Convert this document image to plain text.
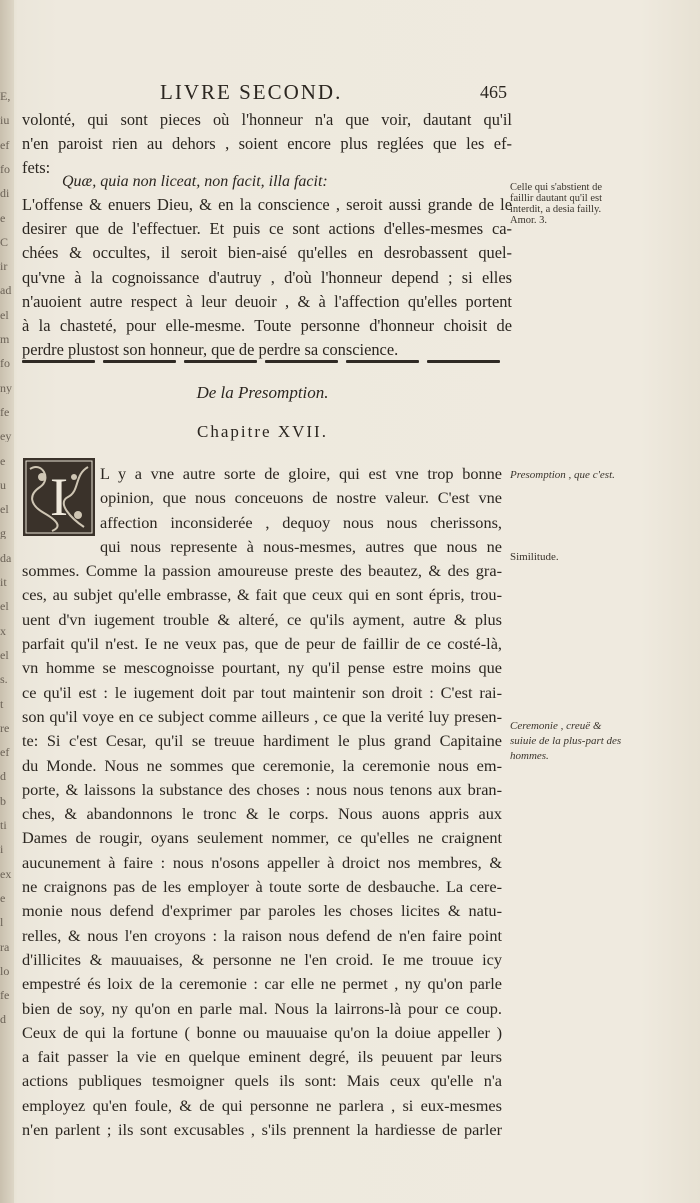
E,
iu
ef
fo
di
e
C
ir
ad
el
m
fo
ny
fe
ey
e
u
el
g
da
it
el
x
el
s.
t
re
ef
d
b
ti
i
ex
e
l
ra
lo
fe
d
LIVRE SECOND.	465
volonté, qui sont pieces où l'honneur n'a que voir, dautant qu'il
n'en paroist rien au dehors , soient encore plus reglées que les ef-
fets:
Quæ, quia non liceat, non facit, illa facit:
L'offense & enuers Dieu, & en la conscience , seroit aussi grande de le
desirer que de l'effectuer. Et puis ce sont actions d'elles-mesmes ca-
chées & occultes, il seroit bien-aisé qu'elles en desrobassent quel-
qu'vne à la cognoissance d'autruy , d'où l'honneur depend ; si elles
n'auoient autre respect à leur deuoir , & à l'affection qu'elles portent
à la chasteté, pour elle-mesme. Toute personne d'honneur choisit de
perdre plustost son honneur, que de perdre sa conscience.
Celle qui s'abstient de faillir dautant qu'il est interdit, a desia failly. Amor. 3.
De la Presomption.
Chapitre XVII.
I	L y a vne autre sorte de gloire, qui est vne trop bonne
opinion, que nous conceuons de nostre valeur. C'est vne
affection inconsiderée , dequoy nous nous cherissons,
qui nous represente à nous-mesmes, autres que nous ne
sommes. Comme la passion amoureuse preste des beautez, & des gra-
ces, au subjet qu'elle embrasse, & fait que ceux qui en sont épris, trou-
uent d'vn iugement trouble & alteré, ce qu'ils ayment, autre & plus
parfait qu'il n'est. Ie ne veux pas, que de peur de faillir de ce costé-là,
vn homme se mescognoisse pourtant, ny qu'il pense estre moins que
ce qu'il est : le iugement doit par tout maintenir son droit : C'est rai-
son qu'il voye en ce subject comme ailleurs , ce que la verité luy presen-
te: Si c'est Cesar, qu'il se treuue hardiment le plus grand Capitaine
du Monde. Nous ne sommes que ceremonie, la ceremonie nous em-
porte, & laissons la substance des choses : nous nous tenons aux bran-
ches, & abandonnons le tronc & le corps. Nous auons appris aux
Dames de rougir, oyans seulement nommer, ce qu'elles ne craignent
aucunement à faire : nous n'osons appeller à droict nos membres, &
ne craignons pas de les employer à toute sorte de desbauche. La cere-
monie nous defend d'exprimer par paroles les choses licites & natu-
relles, & nous l'en croyons : la raison nous defend de n'en faire point
d'illicites & mauuaises, & personne ne l'en croid. Ie me trouue icy
empestré és loix de la ceremonie : car elle ne permet , ny qu'on parle
bien de soy, ny qu'on en parle mal. Nous la lairrons-là pour ce coup.
Ceux de qui la fortune ( bonne ou mauuaise qu'on la doiue appeller )
a fait passer la vie en quelque eminent degré, ils peuuent par leurs
actions publiques tesmoigner quels ils sont: Mais ceux qu'elle n'a
employez qu'en foule, & de qui personne ne parlera , si eux-mesmes
n'en parlent ; ils sont excusables , s'ils prennent la hardiesse de parler
Presomption , que c'est.
Similitude.
Ceremonie , creuë & suiuie de la plus-part des hommes.
